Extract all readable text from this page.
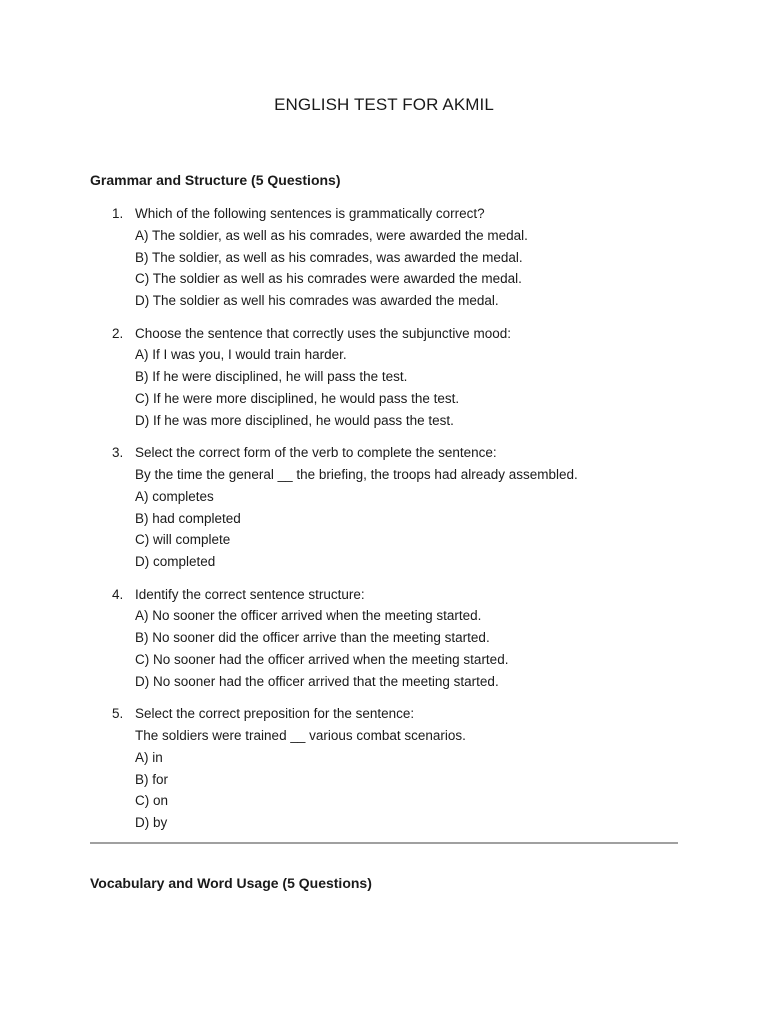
ENGLISH TEST FOR AKMIL
Grammar and Structure (5 Questions)
1. Which of the following sentences is grammatically correct?
A) The soldier, as well as his comrades, were awarded the medal.
B) The soldier, as well as his comrades, was awarded the medal.
C) The soldier as well as his comrades were awarded the medal.
D) The soldier as well his comrades was awarded the medal.
2. Choose the sentence that correctly uses the subjunctive mood:
A) If I was you, I would train harder.
B) If he were disciplined, he will pass the test.
C) If he were more disciplined, he would pass the test.
D) If he was more disciplined, he would pass the test.
3. Select the correct form of the verb to complete the sentence:
By the time the general __ the briefing, the troops had already assembled.
A) completes
B) had completed
C) will complete
D) completed
4. Identify the correct sentence structure:
A) No sooner the officer arrived when the meeting started.
B) No sooner did the officer arrive than the meeting started.
C) No sooner had the officer arrived when the meeting started.
D) No sooner had the officer arrived that the meeting started.
5. Select the correct preposition for the sentence:
The soldiers were trained __ various combat scenarios.
A) in
B) for
C) on
D) by
Vocabulary and Word Usage (5 Questions)
